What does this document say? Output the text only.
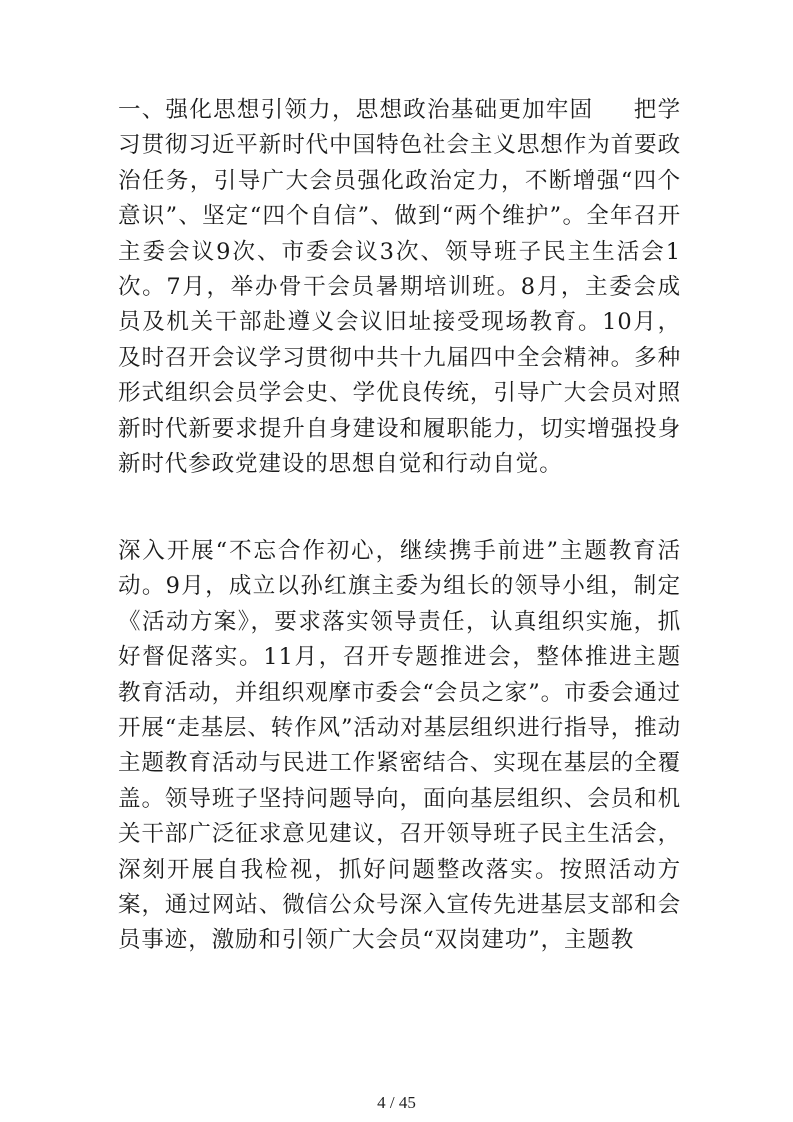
一、强化思想引领力，思想政治基础更加牢固 把学习贯彻习近平新时代中国特色社会主义思想作为首要政治任务，引导广大会员强化政治定力，不断增强“四个意识”、坚定“四个自信”、做到“两个维护”。全年召开主委会议9次、市委会议3次、领导班子民主生活会1次。7月，举办骨干会员暑期培训班。8月，主委会成员及机关干部赴遵义会议旧址接受现场教育。10月，及时召开会议学习贯彻中共十九届四中全会精神。多种形式组织会员学会史、学优良传统，引导广大会员对照新时代新要求提升自身建设和履职能力，切实增强投身新时代参政党建设的思想自觉和行动自觉。
深入开展“不忘合作初心，继续携手前进”主题教育活动。9月，成立以孙红旗主委为组长的领导小组，制定《活动方案》，要求落实领导责任，认真组织实施，抓好督促落实。11月，召开专题推进会，整体推进主题教育活动，并组织观摩市委会“会员之家”。市委会通过开展“走基层、转作风”活动对基层组织进行指导，推动主题教育活动与民进工作紧密结合、实现在基层的全覆盖。领导班子坚持问题导向，面向基层组织、会员和机关干部广泛征求意见建议，召开领导班子民主生活会，深刻开展自我检视，抓好问题整改落实。按照活动方案，通过网站、微信公众号深入宣传先进基层支部和会员事迹，激励和引领广大会员“双岗建功”，主题教
4 / 45
